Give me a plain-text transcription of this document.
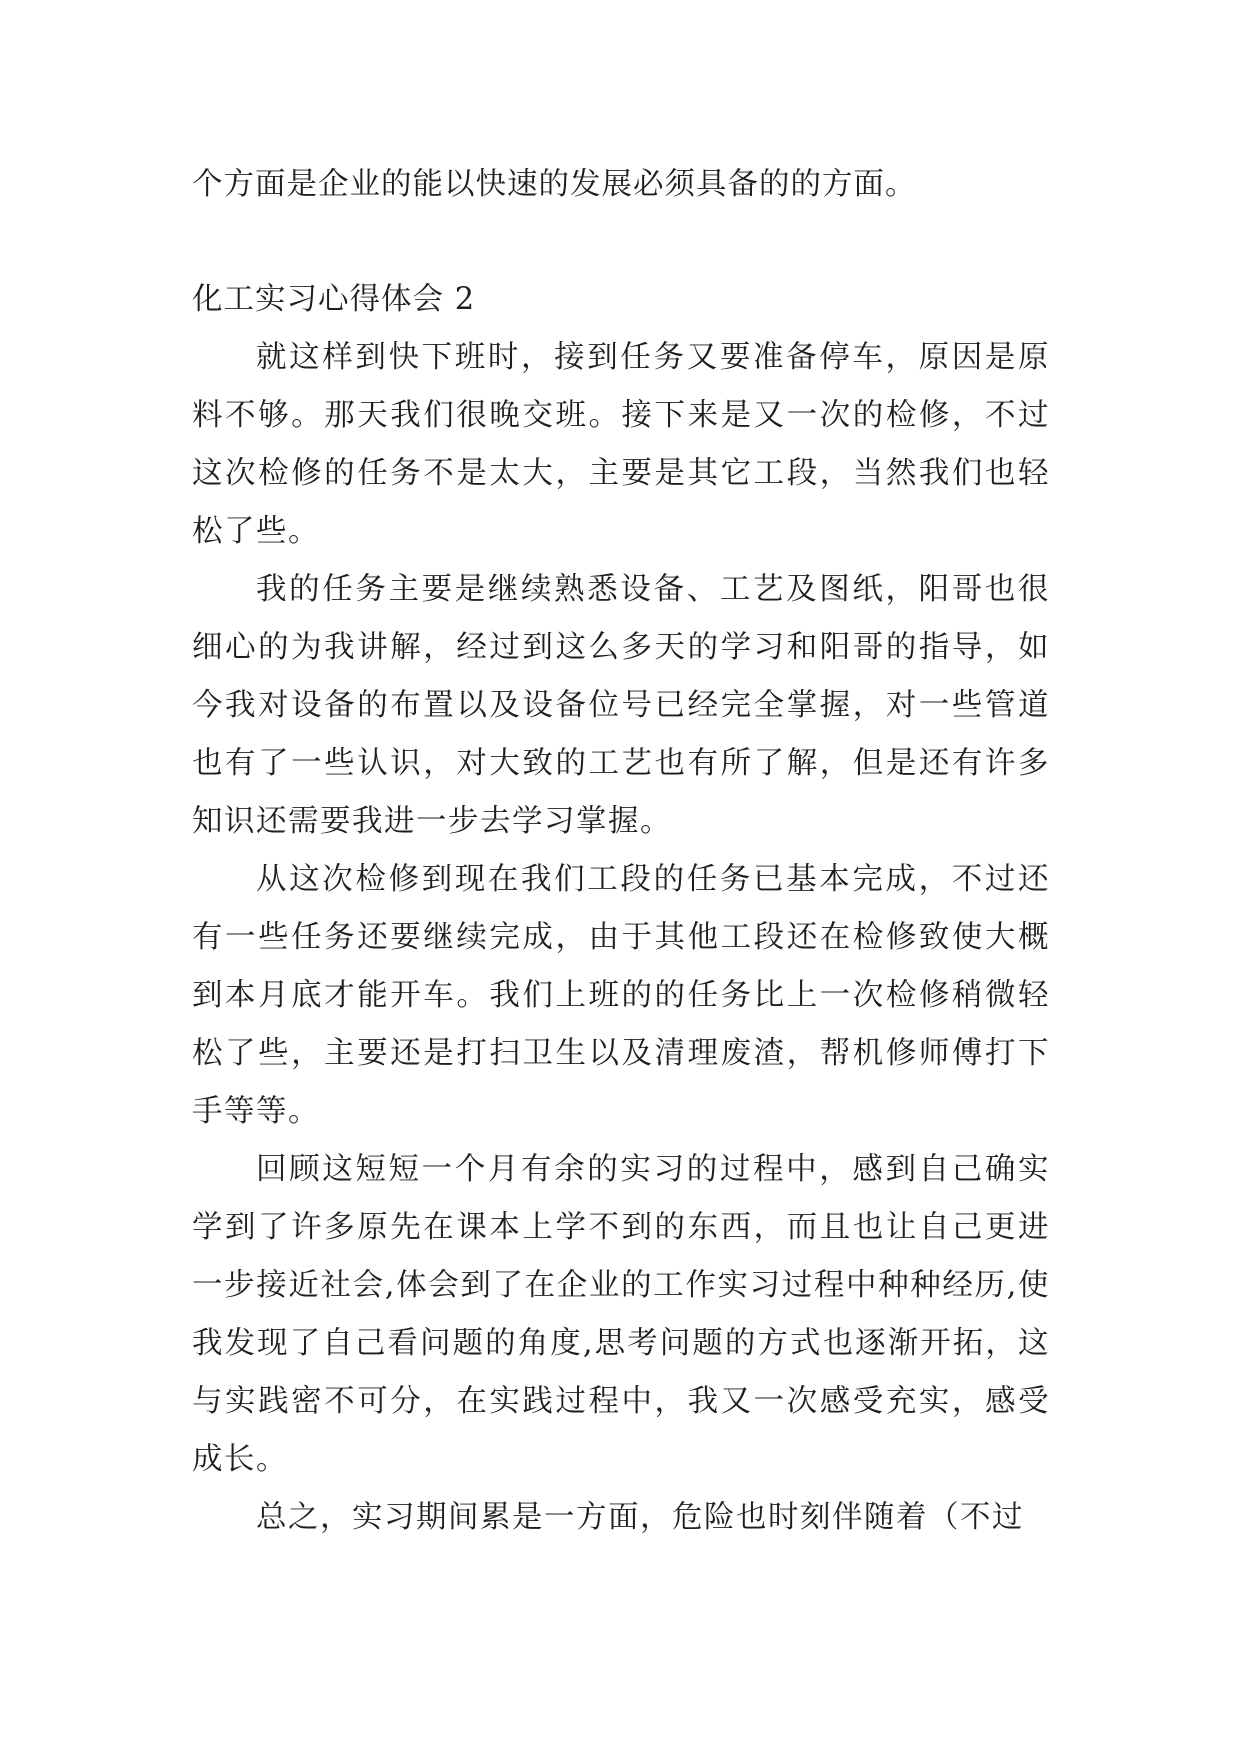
个方面是企业的能以快速的发展必须具备的的方面。
化工实习心得体会 2
就这样到快下班时，接到任务又要准备停车，原因是原料不够。那天我们很晚交班。接下来是又一次的检修，不过这次检修的任务不是太大，主要是其它工段，当然我们也轻松了些。
我的任务主要是继续熟悉设备、工艺及图纸，阳哥也很细心的为我讲解，经过到这么多天的学习和阳哥的指导，如今我对设备的布置以及设备位号已经完全掌握，对一些管道也有了一些认识，对大致的工艺也有所了解，但是还有许多知识还需要我进一步去学习掌握。
从这次检修到现在我们工段的任务已基本完成，不过还有一些任务还要继续完成，由于其他工段还在检修致使大概到本月底才能开车。我们上班的的任务比上一次检修稍微轻松了些，主要还是打扫卫生以及清理废渣，帮机修师傅打下手等等。
回顾这短短一个月有余的实习的过程中，感到自己确实学到了许多原先在课本上学不到的东西，而且也让自己更进一步接近社会,体会到了在企业的工作实习过程中种种经历,使我发现了自己看问题的角度,思考问题的方式也逐渐开拓，这与实践密不可分，在实践过程中，我又一次感受充实，感受成长。
总之，实习期间累是一方面，危险也时刻伴随着（不过
